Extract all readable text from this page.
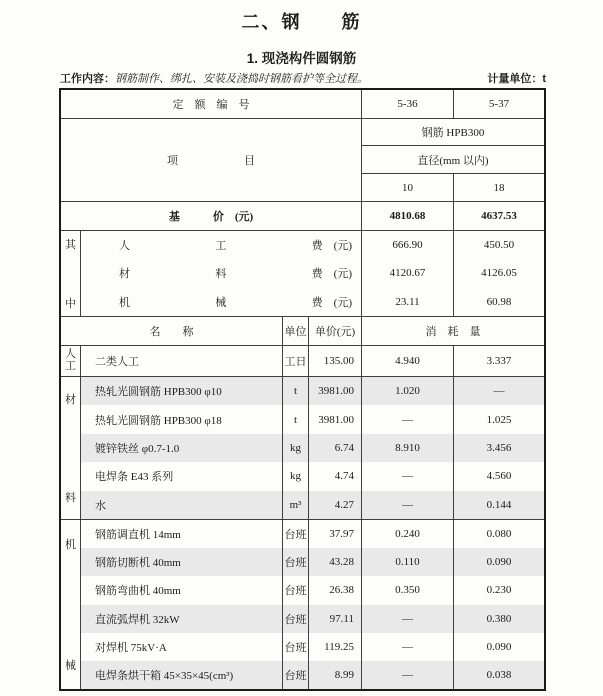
二、钢　　筋
1. 现浇构件圆钢筋
工作内容： 钢筋制作、绑扎、安装及浇捣时钢筋看护等全过程。	计量单位：t
定　额　编　号	5-36	5-37
项　　　　　　目
钢筋 HPB300
直径(mm 以内)
10	18
基　　　价　(元)	4810.68	4637.53
其
中
人	工	费　(元)	666.90	450.50
材	料	费　(元)	4120.67	4126.05
机	械	费　(元)	23.11	60.98
名　　称	单位 单价(元)	消　耗　量
人
工	二类人工	工日	135.00	4.940	3.337
材
料
热轧光圆钢筋 HPB300 φ10	t	3981.00	1.020	—
热轧光圆钢筋 HPB300 φ18	t	3981.00	—	1.025
镀锌铁丝 φ0.7-1.0	kg	6.74	8.910	3.456
电焊条 E43 系列	kg	4.74	—	4.560
水	m³	4.27	—	0.144
机
械
钢筋调直机 14mm	台班	37.97	0.240	0.080
钢筋切断机 40mm	台班	43.28	0.110	0.090
钢筋弯曲机 40mm	台班	26.38	0.350	0.230
直流弧焊机 32kW	台班	97.11	—	0.380
对焊机 75kV·A	台班	119.25	—	0.090
电焊条烘干箱 45×35×45(cm³)	台班	8.99	—	0.038
